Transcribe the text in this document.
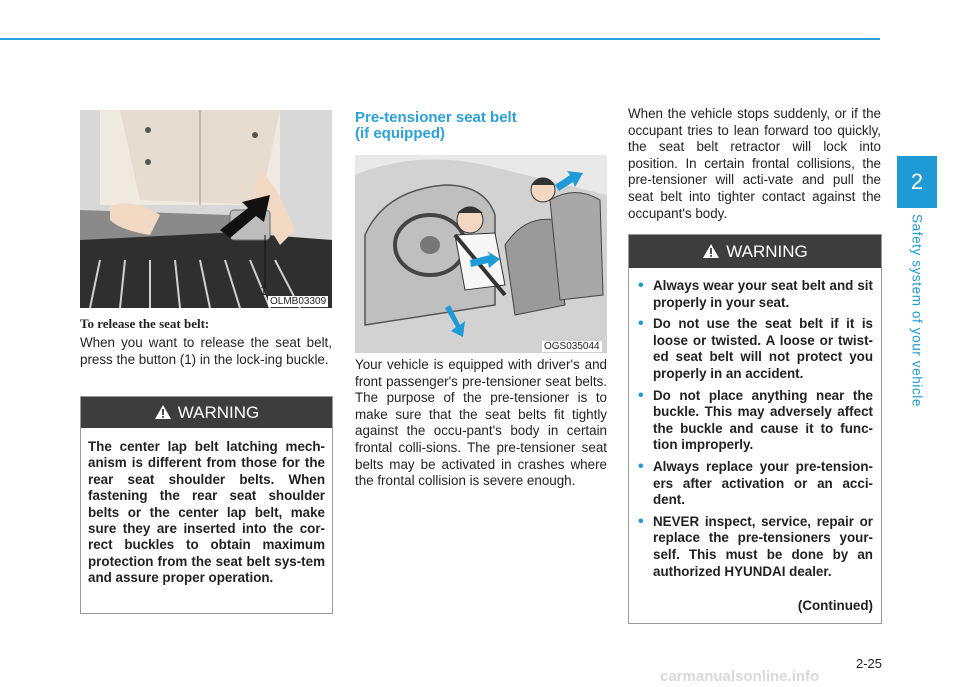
2
Safety system of your vehicle
1
OLMB03309
To release the seat belt:

When you want to release the seat belt, press the button (1) in the lock-ing buckle.

WARNING
The center lap belt latching mech-anism is different from those for the rear seat shoulder belts. When fastening the rear seat shoulder belts or the center lap belt, make sure they are inserted into the cor-rect buckles to obtain maximum protection from the seat belt sys-tem and assure proper operation.
Pre-tensioner seat belt
(if equipped)
OGS035044

Your vehicle is equipped with driver's and front passenger's pre-tensioner seat belts. The purpose of the pre-tensioner is to make sure that the seat belts fit tightly against the occu-pant's body in certain frontal colli-sions. The pre-tensioner seat belts may be activated in crashes where the frontal collision is severe enough.

When the vehicle stops suddenly, or if the occupant tries to lean forward too quickly, the seat belt retractor will lock into position. In certain frontal collisions, the pre-tensioner will acti-vate and pull the seat belt into tighter contact against the occupant's body.

WARNING
• Always wear your seat belt and sit properly in your seat.
• Do not use the seat belt if it is loose or twisted. A loose or twist-ed seat belt will not protect you properly in an accident.
• Do not place anything near the buckle. This may adversely affect the buckle and cause it to func-tion improperly.
• Always replace your pre-tension-ers after activation or an acci-dent.
• NEVER inspect, service, repair or replace the pre-tensioners your-self. This must be done by an authorized HYUNDAI dealer.
(Continued)
2-25
carmanualsonline.info
